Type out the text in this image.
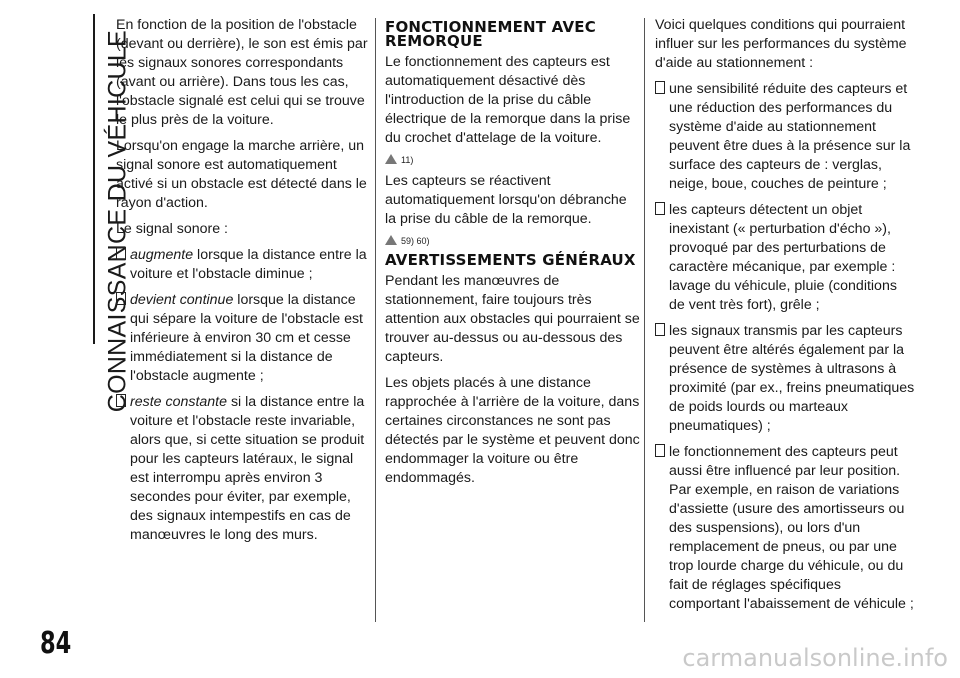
CONNAISSANCE DU VÉHICULE
84

En fonction de la position de l'obstacle (devant ou derrière), le son est émis par les signaux sonores correspondants (avant ou arrière). Dans tous les cas, l'obstacle signalé est celui qui se trouve le plus près de la voiture.

Lorsqu'on engage la marche arrière, un signal sonore est automatiquement activé si un obstacle est détecté dans le rayon d'action.

Le signal sonore :

augmente lorsque la distance entre la voiture et l'obstacle diminue ;
devient continue lorsque la distance qui sépare la voiture de l'obstacle est inférieure à environ 30 cm et cesse immédiatement si la distance de l'obstacle augmente ;
reste constante si la distance entre la voiture et l'obstacle reste invariable, alors que, si cette situation se produit pour les capteurs latéraux, le signal est interrompu après environ 3 secondes pour éviter, par exemple, des signaux intempestifs en cas de manœuvres le long des murs.
FONCTIONNEMENT AVEC REMORQUE

Le fonctionnement des capteurs est automatiquement désactivé dès l'introduction de la prise du câble électrique de la remorque dans la prise du crochet d'attelage de la voiture.

11)

Les capteurs se réactivent automatiquement lorsqu'on débranche la prise du câble de la remorque.

59) 60)
AVERTISSEMENTS GÉNÉRAUX

Pendant les manœuvres de stationnement, faire toujours très attention aux obstacles qui pourraient se trouver au-dessus ou au-dessous des capteurs.

Les objets placés à une distance rapprochée à l'arrière de la voiture, dans certaines circonstances ne sont pas détectés par le système et peuvent donc endommager la voiture ou être endommagés.

Voici quelques conditions qui pourraient influer sur les performances du système d'aide au stationnement :

une sensibilité réduite des capteurs et une réduction des performances du système d'aide au stationnement peuvent être dues à la présence sur la surface des capteurs de : verglas, neige, boue, couches de peinture ;
les capteurs détectent un objet inexistant (« perturbation d'écho »), provoqué par des perturbations de caractère mécanique, par exemple : lavage du véhicule, pluie (conditions de vent très fort), grêle ;
les signaux transmis par les capteurs peuvent être altérés également par la présence de systèmes à ultrasons à proximité (par ex., freins pneumatiques de poids lourds ou marteaux pneumatiques) ;
le fonctionnement des capteurs peut aussi être influencé par leur position. Par exemple, en raison de variations d'assiette (usure des amortisseurs ou des suspensions), ou lors d'un remplacement de pneus, ou par une trop lourde charge du véhicule, ou du fait de réglages spécifiques comportant l'abaissement de véhicule ;
carmanualsonline.info
